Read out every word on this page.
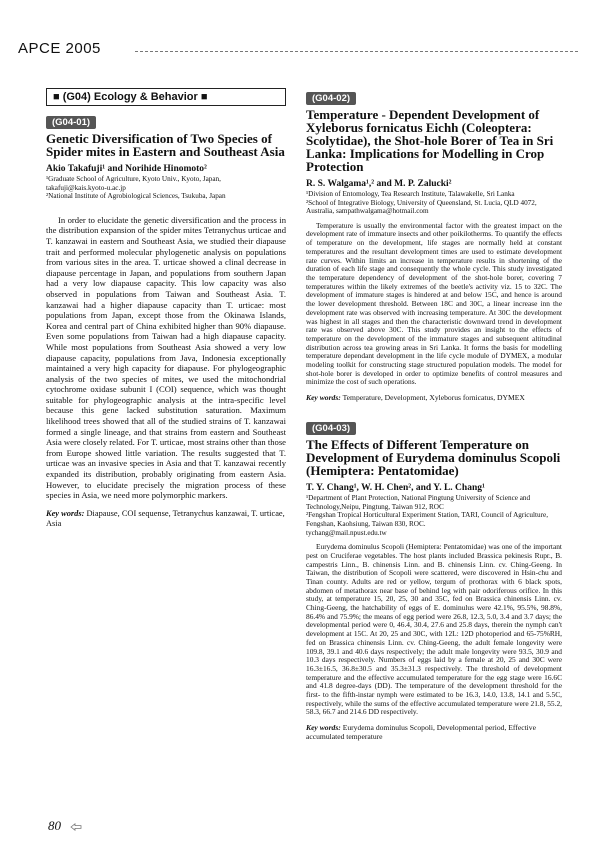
APCE 2005
■ (G04) Ecology & Behavior ■
(G04-01)
Genetic Diversification of Two Species of Spider mites in Eastern and Southeast Asia
Akio Takafuji¹ and Norihide Hinomoto²

¹Graduate School of Agriculture, Kyoto Univ., Kyoto, Japan,

takafuji@kais.kyoto-u.ac.jp

²National Institute of Agrobiological Sciences, Tsukuba, Japan

In order to elucidate the genetic diversification and the process in the distribution expansion of the spider mites Tetranychus urticae and T. kanzawai in eastern and Southeast Asia, we studied their diapause trait and performed molecular phylogenetic analysis on populations from various sites in the area. T. urticae showed a clinal decrease in diapause percentage in Japan, and populations from southern Japan had a very low diapause capacity. This low capacity was also observed in populations from Taiwan and Southeast Asia. T. kanzawai had a higher diapause capacity than T. urticae: most populations from Japan, except those from the Okinawa Islands, Korea and central part of China exhibited higher than 90% diapause. Even some populations from Taiwan had a high diapause capacity. While most populations from Southeast Asia showed a very low diapause capacity, populations from Java, Indonesia exceptionally maintained a very high capacity for diapause. For phylogeographic analysis of the two species of mites, we used the mitochondrial cytochrome oxidase subunit I (COI) sequence, which was thought suitable for phylogeographic analysis at the intra-specific level because this gene lacked substitution saturation. Maximum likelihood trees showed that all of the studied strains of T. kanzawai formed a single lineage, and that strains from eastern and Southeast Asia were closely related. For T. urticae, most strains other than those from Europe showed little variation. The results suggested that T. urticae was an invasive species in Asia and that T. kanzawai recently expanded its distribution, probably originating from eastern Asia. However, to elucidate precisely the migration process of these species in Asia, we need more polymorphic markers.

Key words: Diapause, COI sequense, Tetranychus kanzawai, T. urticae, Asia
(G04-02)
Temperature - Dependent Development of Xyleborus fornicatus Eichh (Coleoptera: Scolytidae), the Shot-hole Borer of Tea in Sri Lanka: Implications for Modelling in Crop Protection
R. S. Walgama¹,² and M. P. Zalucki²

¹Division of Entomology, Tea Research Institute, Talawakelle, Sri Lanka

²School of Integrative Biology, University of Queensland, St. Lucia, QLD 4072, Australia, sampathwalgama@hotmail.com

Temperature is usually the environmental factor with the greatest impact on the development rate of immature insects and other poikilotherms. To quantify the effects of temperature on the development, life stages are normally held at constant temperatures and the resultant development times are used to estimate development rate curves. Within limits an increase in temperature results in shortening of the duration of each life stage and consequently the whole cycle. This study investigated the temperature dependency of development of the shot-hole borer, covering 7 temperatures within the likely extremes of the beetle's activity viz. 15 to 32C. The development of immature stages is hindered at and below 15C, and hence is around the lower development threshold. Between 18C and 30C, a linear increase inn the development rate was observed with increasing temperature. At 30C the development was highest in all stages and then the characteristic downward trend in development rate was observed above 30C. This study provides an insight to the effects of temperature on the development of the immature stages and subsequent altitudinal distribution across tea growing areas in Sri Lanka. It forms the basis for modelling temperature dependant development in the life cycle module of DYMEX, a modular modeling toolkit for constructing stage structured population models. The model for shot-hole borer is developed in order to optimize benefits of control measures and minimize the cost of such operations.

Key words: Temperature, Development, Xyleborus fornicatus, DYMEX
(G04-03)
The Effects of Different Temperature on Development of Eurydema dominulus Scopoli (Hemiptera: Pentatomidae)
T. Y. Chang¹, W. H. Chen², and Y. L. Chang¹

¹Department of Plant Protection, National Pingtung University of Science and Technology,Neipu, Pingtung, Taiwan 912, ROC

²Fengshan Tropical Horticultural Experiment Station, TARI, Council of Agriculture, Fengshan, Kaohsiung, Taiwan 830, ROC.

tychang@mail.npust.edu.tw

Eurydema dominulus Scopoli (Hemiptera: Pentatomidae) was one of the important pest on Cruciferae vegetables. The host plants included Brassica pekinesis Rupr., B. campestris Linn., B. chinensis Linn. and B. chinensis Linn. cv. Ching-Geeng. In Taiwan, the distribution of Scopoli were scattered, were discovered in Hsin-chu and Tinan county. Adults are red or yellow, tergum of prothorax with 6 black spots, abdomen of metathorax near base of behind leg with pair odoriferous orifice. In this study, at temperature 15, 20, 25, 30 and 35C, fed on Brassica chinensis Linn. cv. Ching-Geeng, the hatchability of eggs of E. dominulus were 42.1%, 95.5%, 98.8%, 86.4% and 75.9%; the means of egg period were 26.8, 12.3, 5.0, 3.4 and 3.7 days; the developmental period were 0, 46.4, 30.4, 27.6 and 25.8 days, therein the nymph can't development at 15C. At 20, 25 and 30C, with 12L: 12D photoperiod and 65-75%RH, fed on Brassica chinensis Linn. cv. Ching-Geeng, the adult female longevity were 109.8, 39.1 and 40.6 days respectively; the adult male longevity were 93.5, 30.9 and 10.3 days respectively. Numbers of eggs laid by a female at 20, 25 and 30C were 16.3±16.5, 36.8±30.5 and 35.3±31.3 respectively. The threshold of development temperature and the effective accumulated temperature for the egg stage were 16.6C and 41.8 degree-days (DD). The temperature of the development threshold for the first- to the fifth-instar nymph were estimated to be 16.3, 14.0, 13.8, 14.1 and 5.5C, respectively, while the sums of the effective accumulated temperature were 21.8, 55.2, 58.3, 66.7 and 214.6 DD respectively.

Key words: Eurydema dominulus Scopoli, Developmental period, Effective accumulated temperature
80
